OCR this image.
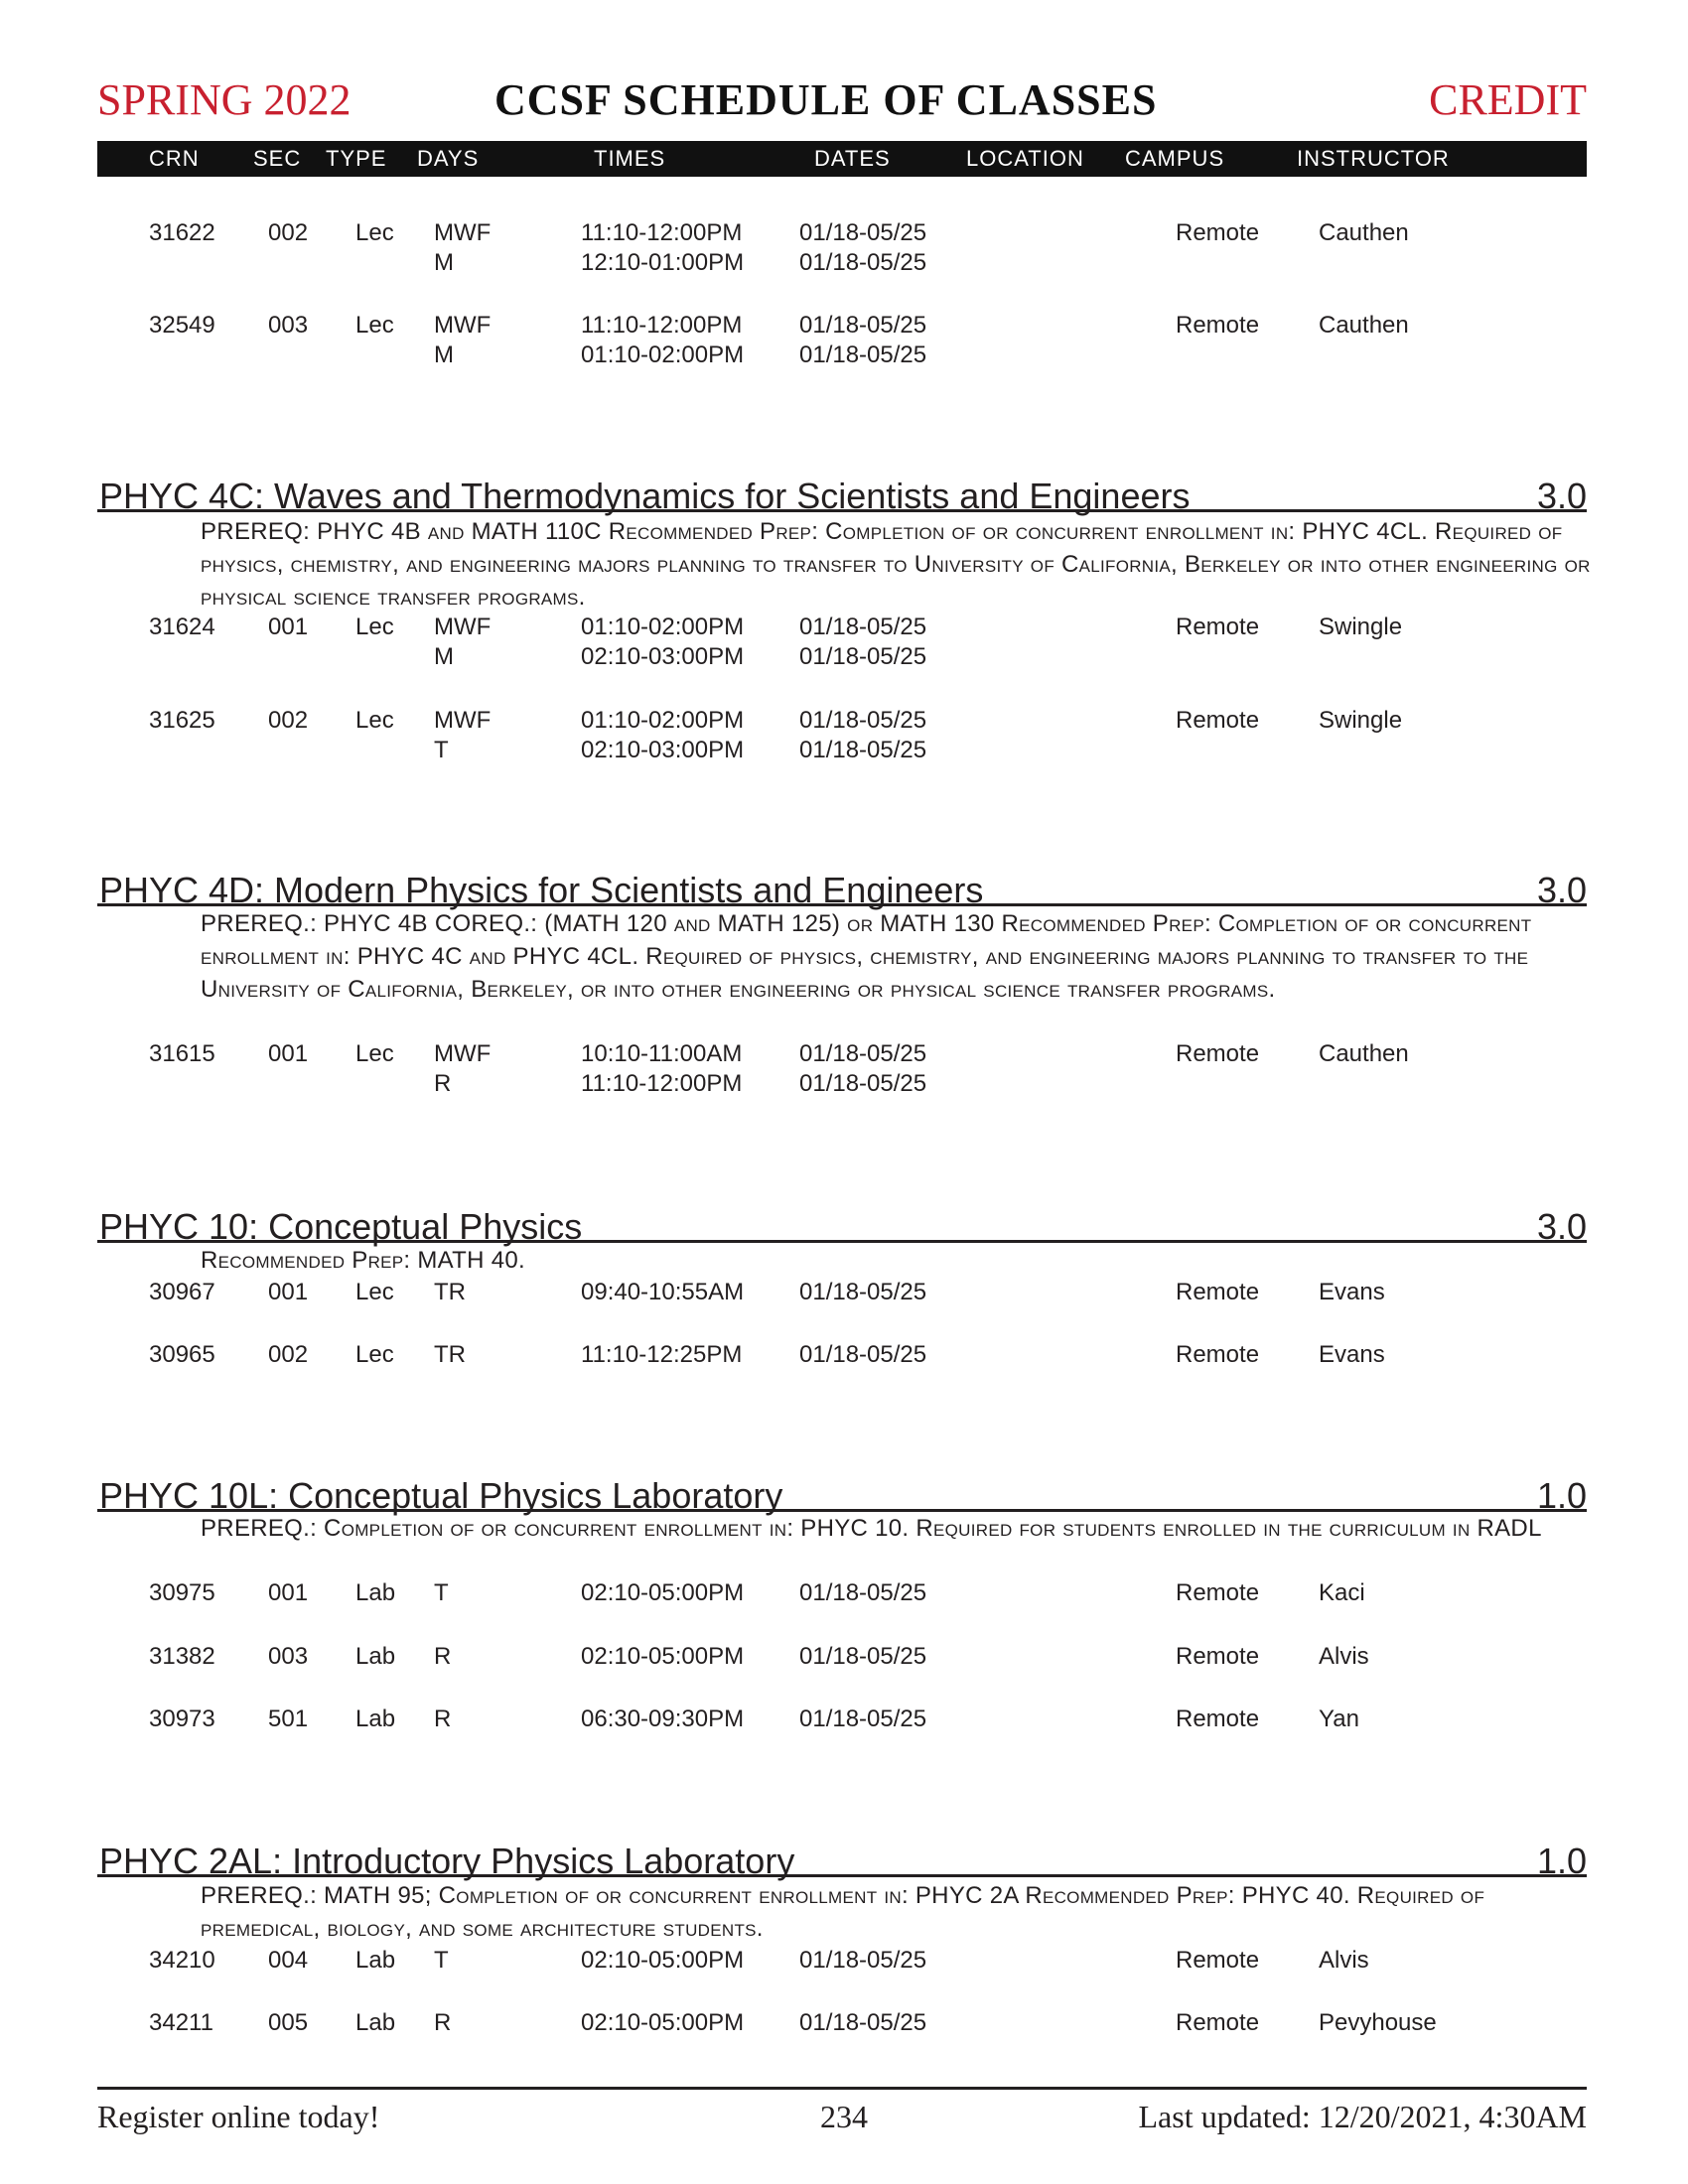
SPRING 2022	CCSF SCHEDULE OF CLASSES	CREDIT
CRN SEC TYPE DAYS	TIMES	DATES	LOCATION CAMPUS	INSTRUCTOR
31622 002 Lec MWF	11:10-12:00PM 01/18-05/25	Remote Cauthen
M	12:10-01:00PM 01/18-05/25
32549 003 Lec MWF	11:10-12:00PM 01/18-05/25	Remote Cauthen
M	01:10-02:00PM 01/18-05/25
PHYC 4C: Waves and Thermodynamics for Scientists and Engineers	3.0
PREREQ: PHYC 4B and MATH 110C Recommended Prep: Completion of or concurrent enrollment in: PHYC 4CL. Required of physics, chemistry, and engineering majors planning to transfer to University of California, Berkeley or into other engineering or physical science transfer programs.
31624 001 Lec MWF	01:10-02:00PM 01/18-05/25	Remote Swingle
M	02:10-03:00PM 01/18-05/25
31625 002 Lec MWF	01:10-02:00PM 01/18-05/25	Remote Swingle
T	02:10-03:00PM 01/18-05/25
PHYC 4D: Modern Physics for Scientists and Engineers	3.0
PREREQ.: PHYC 4B COREQ.: (MATH 120 and MATH 125) or MATH 130 Recommended Prep: Completion of or concurrent enrollment in: PHYC 4C and PHYC 4CL. Required of physics, chemistry, and engineering majors planning to transfer to the University of California, Berkeley, or into other engineering or physical science transfer programs.
31615 001 Lec MWF	10:10-11:00AM 01/18-05/25	Remote Cauthen
R	11:10-12:00PM 01/18-05/25
PHYC 10: Conceptual Physics	3.0
Recommended Prep: MATH 40.
30967 001 Lec TR	09:40-10:55AM 01/18-05/25	Remote Evans
30965 002 Lec TR	11:10-12:25PM 01/18-05/25	Remote Evans
PHYC 10L: Conceptual Physics Laboratory	1.0
PREREQ.: Completion of or concurrent enrollment in: PHYC 10. Required for students enrolled in the curriculum in RADL
30975 001 Lab T	02:10-05:00PM 01/18-05/25	Remote Kaci
31382 003 Lab R	02:10-05:00PM 01/18-05/25	Remote Alvis
30973 501 Lab R	06:30-09:30PM 01/18-05/25	Remote Yan
PHYC 2AL: Introductory Physics Laboratory	1.0
PREREQ.: MATH 95; Completion of or concurrent enrollment in: PHYC 2A Recommended Prep: PHYC 40. Required of premedical, biology, and some architecture students.
34210 004 Lab T	02:10-05:00PM 01/18-05/25	Remote Alvis
34211 005 Lab R	02:10-05:00PM 01/18-05/25	Remote Pevyhouse
Register online today!	234	Last updated: 12/20/2021, 4:30AM
